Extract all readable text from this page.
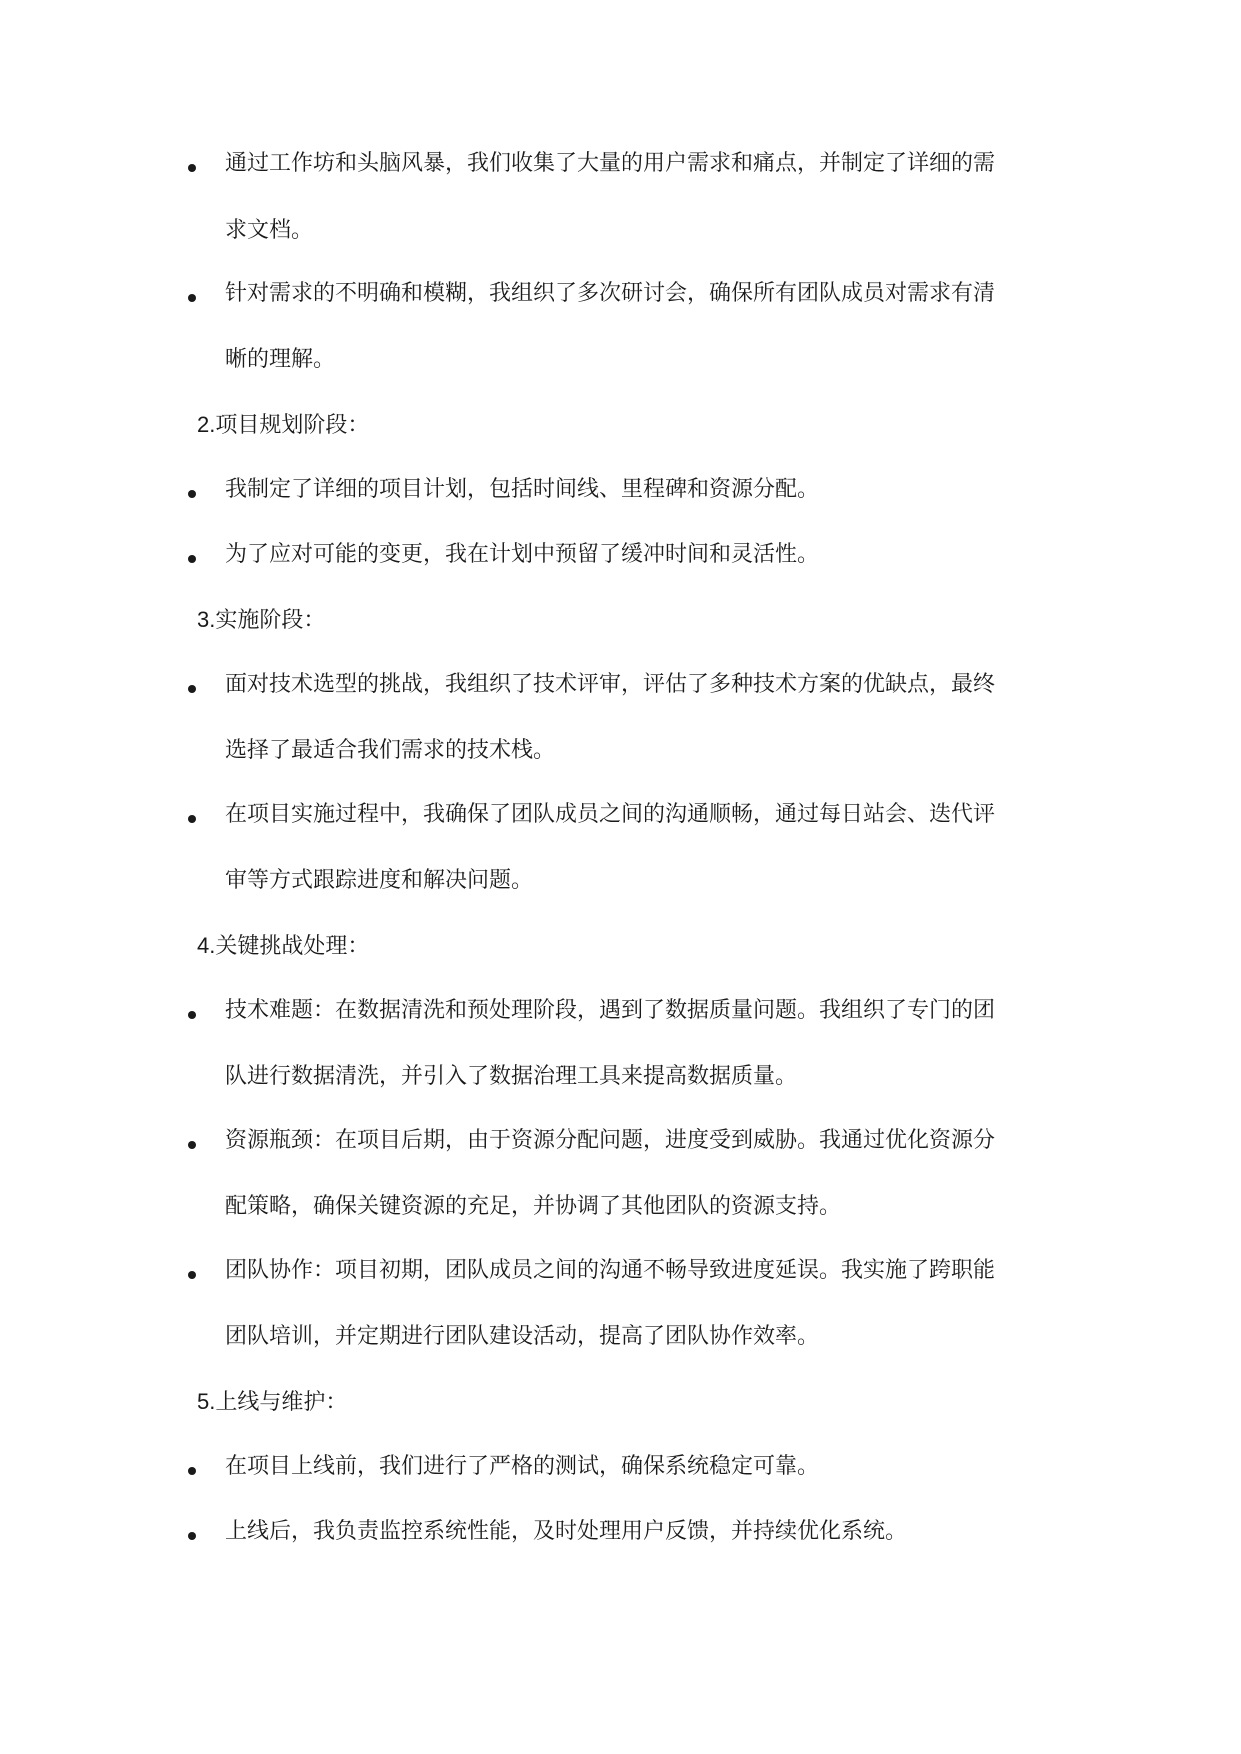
通过工作坊和头脑风暴，我们收集了大量的用户需求和痛点，并制定了详细的需
求文档。
针对需求的不明确和模糊，我组织了多次研讨会，确保所有团队成员对需求有清
晰的理解。
2.项目规划阶段：
我制定了详细的项目计划，包括时间线、里程碑和资源分配。
为了应对可能的变更，我在计划中预留了缓冲时间和灵活性。
3.实施阶段：
面对技术选型的挑战，我组织了技术评审，评估了多种技术方案的优缺点，最终
选择了最适合我们需求的技术栈。
在项目实施过程中，我确保了团队成员之间的沟通顺畅，通过每日站会、迭代评
审等方式跟踪进度和解决问题。
4.关键挑战处理：
技术难题：在数据清洗和预处理阶段，遇到了数据质量问题。我组织了专门的团
队进行数据清洗，并引入了数据治理工具来提高数据质量。
资源瓶颈：在项目后期，由于资源分配问题，进度受到威胁。我通过优化资源分
配策略，确保关键资源的充足，并协调了其他团队的资源支持。
团队协作：项目初期，团队成员之间的沟通不畅导致进度延误。我实施了跨职能
团队培训，并定期进行团队建设活动，提高了团队协作效率。
5.上线与维护：
在项目上线前，我们进行了严格的测试，确保系统稳定可靠。
上线后，我负责监控系统性能，及时处理用户反馈，并持续优化系统。
